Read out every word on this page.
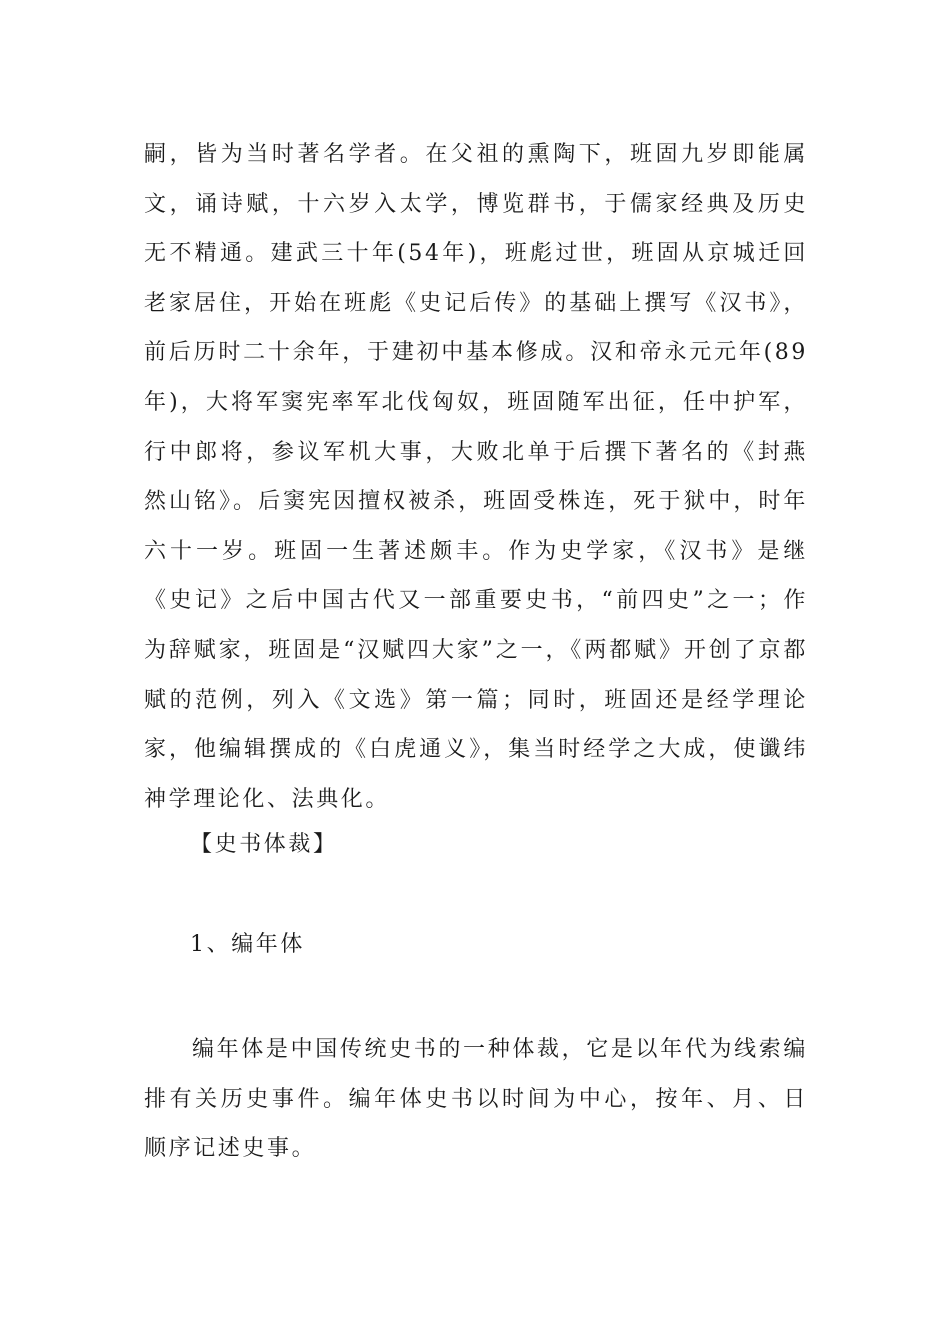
嗣，皆为当时著名学者。在父祖的熏陶下，班固九岁即能属文，诵诗赋，十六岁入太学，博览群书，于儒家经典及历史无不精通。建武三十年(54年)，班彪过世，班固从京城迁回老家居住，开始在班彪《史记后传》的基础上撰写《汉书》，前后历时二十余年，于建初中基本修成。汉和帝永元元年(89年)，大将军窦宪率军北伐匈奴，班固随军出征，任中护军，行中郎将，参议军机大事，大败北单于后撰下著名的《封燕然山铭》。后窦宪因擅权被杀，班固受株连，死于狱中，时年六十一岁。班固一生著述颇丰。作为史学家，《汉书》是继《史记》之后中国古代又一部重要史书，“前四史”之一；作为辞赋家，班固是“汉赋四大家”之一，《两都赋》开创了京都赋的范例，列入《文选》第一篇；同时，班固还是经学理论家，他编辑撰成的《白虎通义》，集当时经学之大成，使谶纬神学理论化、法典化。

【史书体裁】

1、编年体

编年体是中国传统史书的一种体裁，它是以年代为线索编排有关历史事件。编年体史书以时间为中心，按年、月、日顺序记述史事。
